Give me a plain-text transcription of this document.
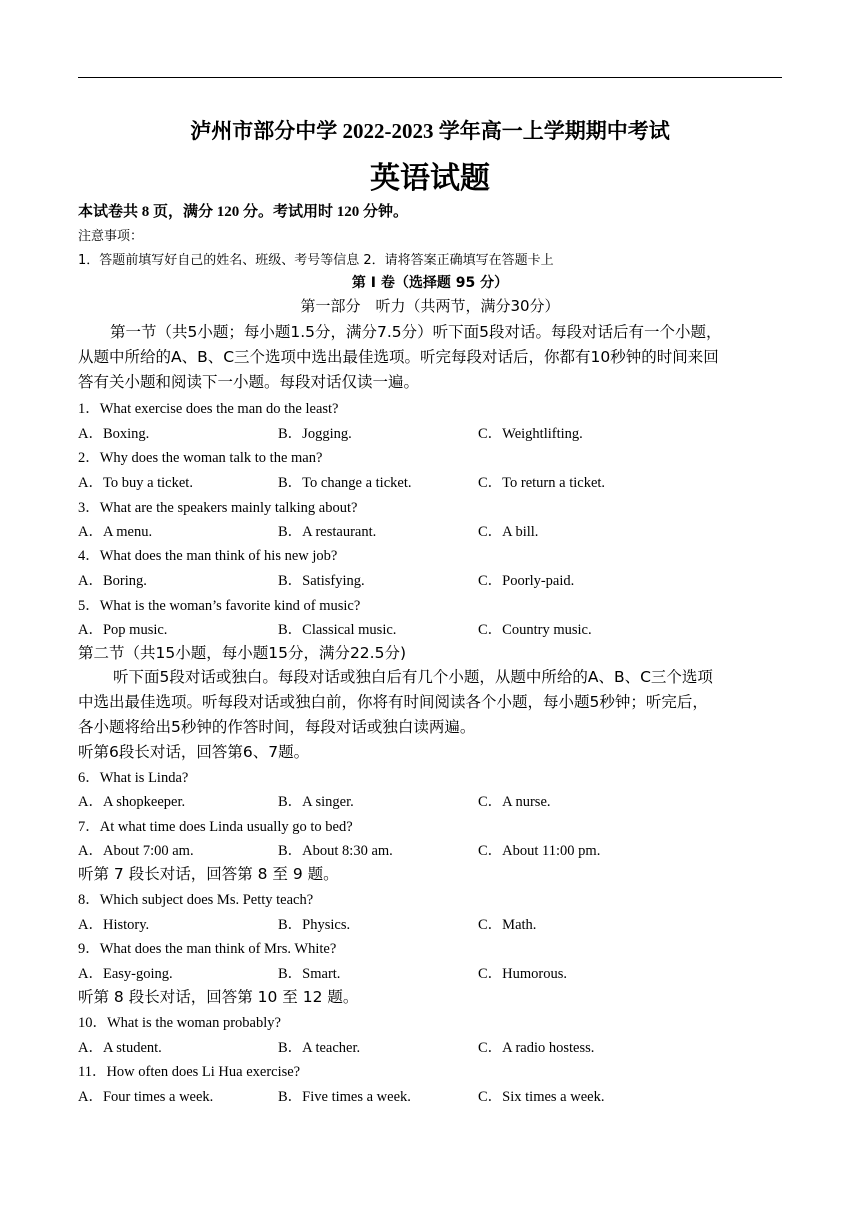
泸州市部分中学 2022-2023 学年高一上学期期中考试
英语试题
本试卷共 8 页，满分 120 分。考试用时 120 分钟。
注意事项：
1．答题前填写好自己的姓名、班级、考号等信息 2．请将答案正确填写在答题卡上
第 I 卷（选择题 95 分）
第一部分　听力（共两节，满分30分）
第一节（共5小题；每小题1.5分，满分7.5分）听下面5段对话。每段对话后有一个小题，
从题中所给的A、B、C三个选项中选出最佳选项。听完每段对话后，你都有10秒钟的时间来回
答有关小题和阅读下一小题。每段对话仅读一遍。
1．What exercise does the man do the least?
A．Boxing.	B．Jogging.	C．Weightlifting.
2．Why does the woman talk to the man?
A．To buy a ticket.	B．To change a ticket.	C．To return a ticket.
3．What are the speakers mainly talking about?
A．A menu.	B．A restaurant.	C．A bill.
4．What does the man think of his new job?
A．Boring.	B．Satisfying.	C．Poorly-paid.
5．What is the woman’s favorite kind of music?
A．Pop music.	B．Classical music.	C．Country music.
第二节（共15小题，每小题15分，满分22.5分)
听下面5段对话或独白。每段对话或独白后有几个小题，从题中所给的A、B、C三个选项
中选出最佳选项。听每段对话或独白前，你将有时间阅读各个小题，每小题5秒钟；听完后，
各小题将给出5秒钟的作答时间，每段对话或独白读两遍。
听第6段长对话，回答第6、7题。
6．What is Linda?
A．A shopkeeper.	B．A singer.	C．A nurse.
7．At what time does Linda usually go to bed?
A．About 7:00 am.	B．About 8:30 am.	C．About 11:00 pm.
听第 7 段长对话，回答第 8 至 9 题。
8．Which subject does Ms. Petty teach?
A．History.	B．Physics.	C．Math.
9．What does the man think of Mrs. White?
A．Easy-going.	B．Smart.	C．Humorous.
听第 8 段长对话，回答第 10 至 12 题。
10．What is the woman probably?
A．A student.	B．A teacher.	C．A radio hostess.
11．How often does Li Hua exercise?
A．Four times a week.	B．Five times a week.	C．Six times a week.
